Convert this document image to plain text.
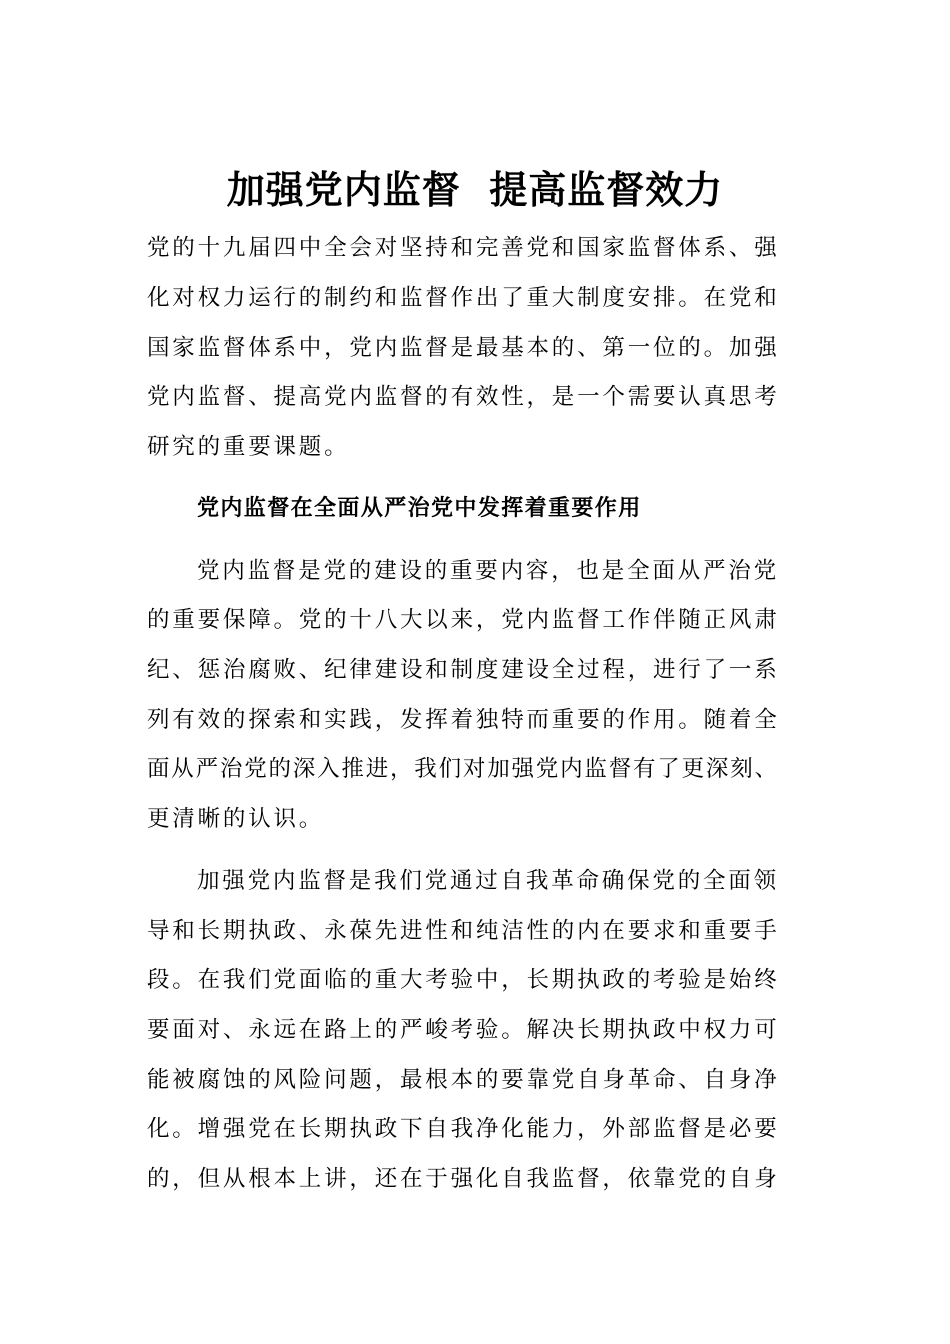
加强党内监督  提高监督效力

党的十九届四中全会对坚持和完善党和国家监督体系、强

化对权力运行的制约和监督作出了重大制度安排。在党和

国家监督体系中，党内监督是最基本的、第一位的。加强

党内监督、提高党内监督的有效性，是一个需要认真思考

研究的重要课题。

党内监督在全面从严治党中发挥着重要作用

党内监督是党的建设的重要内容，也是全面从严治党

的重要保障。党的十八大以来，党内监督工作伴随正风肃

纪、惩治腐败、纪律建设和制度建设全过程，进行了一系

列有效的探索和实践，发挥着独特而重要的作用。随着全

面从严治党的深入推进，我们对加强党内监督有了更深刻、

更清晰的认识。

加强党内监督是我们党通过自我革命确保党的全面领

导和长期执政、永葆先进性和纯洁性的内在要求和重要手

段。在我们党面临的重大考验中，长期执政的考验是始终

要面对、永远在路上的严峻考验。解决长期执政中权力可

能被腐蚀的风险问题，最根本的要靠党自身革命、自身净

化。增强党在长期执政下自我净化能力，外部监督是必要

的，但从根本上讲，还在于强化自我监督，依靠党的自身
